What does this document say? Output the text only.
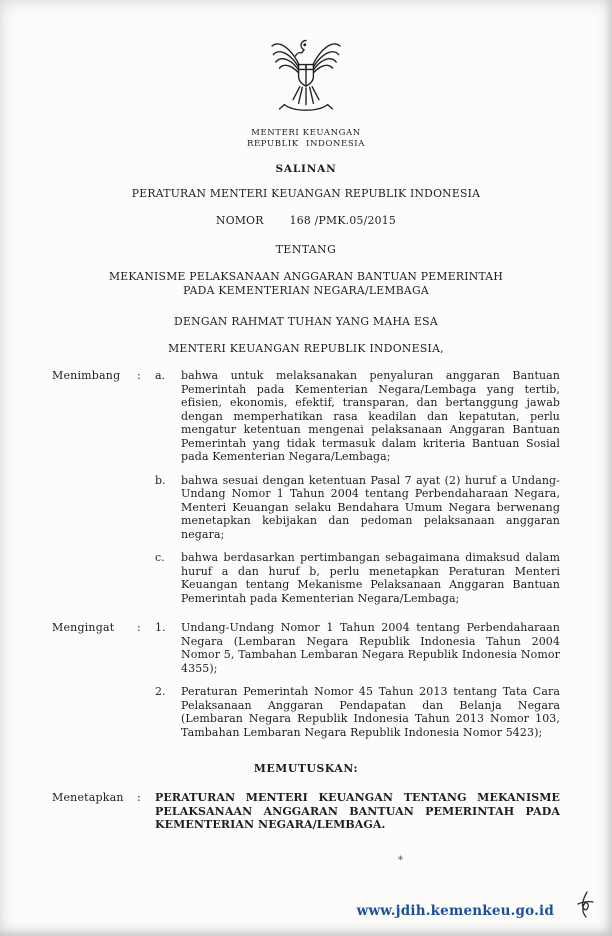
MENTERI KEUANGAN
REPUBLIK INDONESIA
SALINAN
PERATURAN MENTERI KEUANGAN REPUBLIK INDONESIA
NOMOR 168 /PMK.05/2015
TENTANG
MEKANISME PELAKSANAAN ANGGARAN BANTUAN PEMERINTAH
PADA KEMENTERIAN NEGARA/LEMBAGA
DENGAN RAHMAT TUHAN YANG MAHA ESA
MENTERI KEUANGAN REPUBLIK INDONESIA,
Menimbang	:	a.	bahwa untuk melaksanakan penyaluran anggaran Bantuan Pemerintah pada Kementerian Negara/Lembaga yang tertib, efisien, ekonomis, efektif, transparan, dan bertanggung jawab dengan memperhatikan rasa keadilan dan kepatutan, perlu mengatur ketentuan mengenai pelaksanaan Anggaran Bantuan Pemerintah yang tidak termasuk dalam kriteria Bantuan Sosial pada Kementerian Negara/Lembaga;
b.	bahwa sesuai dengan ketentuan Pasal 7 ayat (2) huruf a Undang-Undang Nomor 1 Tahun 2004 tentang Perbendaharaan Negara, Menteri Keuangan selaku Bendahara Umum Negara berwenang menetapkan kebijakan dan pedoman pelaksanaan anggaran negara;
c.	bahwa berdasarkan pertimbangan sebagaimana dimaksud dalam huruf a dan huruf b, perlu menetapkan Peraturan Menteri Keuangan tentang Mekanisme Pelaksanaan Anggaran Bantuan Pemerintah pada Kementerian Negara/Lembaga;
Mengingat	:	1.	Undang-Undang Nomor 1 Tahun 2004 tentang Perbendaharaan Negara (Lembaran Negara Republik Indonesia Tahun 2004 Nomor 5, Tambahan Lembaran Negara Republik Indonesia Nomor 4355);
2.	Peraturan Pemerintah Nomor 45 Tahun 2013 tentang Tata Cara Pelaksanaan Anggaran Pendapatan dan Belanja Negara (Lembaran Negara Republik Indonesia Tahun 2013 Nomor 103, Tambahan Lembaran Negara Republik Indonesia Nomor 5423);
MEMUTUSKAN:
Menetapkan	:	PERATURAN MENTERI KEUANGAN TENTANG MEKANISME PELAKSANAAN ANGGARAN BANTUAN PEMERINTAH PADA KEMENTERIAN NEGARA/LEMBAGA.
*
www.jdih.kemenkeu.go.id
